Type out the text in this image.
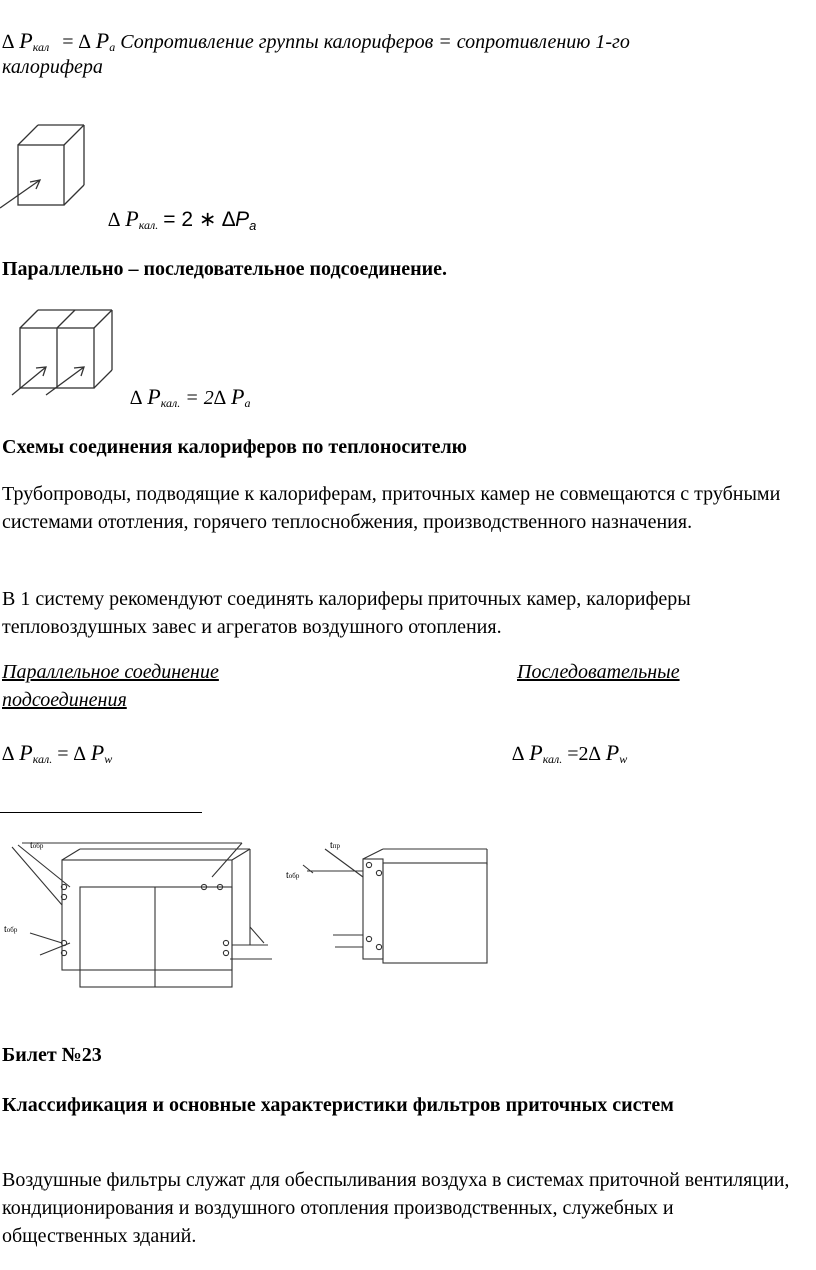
∆ Pкал = ∆ Pa Сопротивление группы калориферов = сопротивлению 1-го
калорифера
∆ Pкал. = 2 ∗ $\Delta P_a$
Параллельно – последовательное подсоединение.
∆ Pкал. = 2∆ Pa
Схемы соединения калориферов по теплоносителю
Трубопроводы, подводящие к калориферам, приточных камер не совмещаются с трубными системами ототления, горячего теплоснобжения, производственного назначения.
В 1 систему рекомендуют соединять калориферы приточных камер, калориферы тепловоздушных завес и агрегатов воздушного отопления.
Параллельное соединение	Последовательные
подсоединения
∆ Pкал. = ∆ Pw	∆ Pкал. =2∆ Pw
tобр
tобр
tпр
tобр
Билет №23
Классификация и основные характеристики фильтров приточных систем
Воздушные фильтры служат для обеспыливания воздуха в системах приточной вентиляции, кондиционирования и воздушного отопления производственных, служебных и общественных зданий.
